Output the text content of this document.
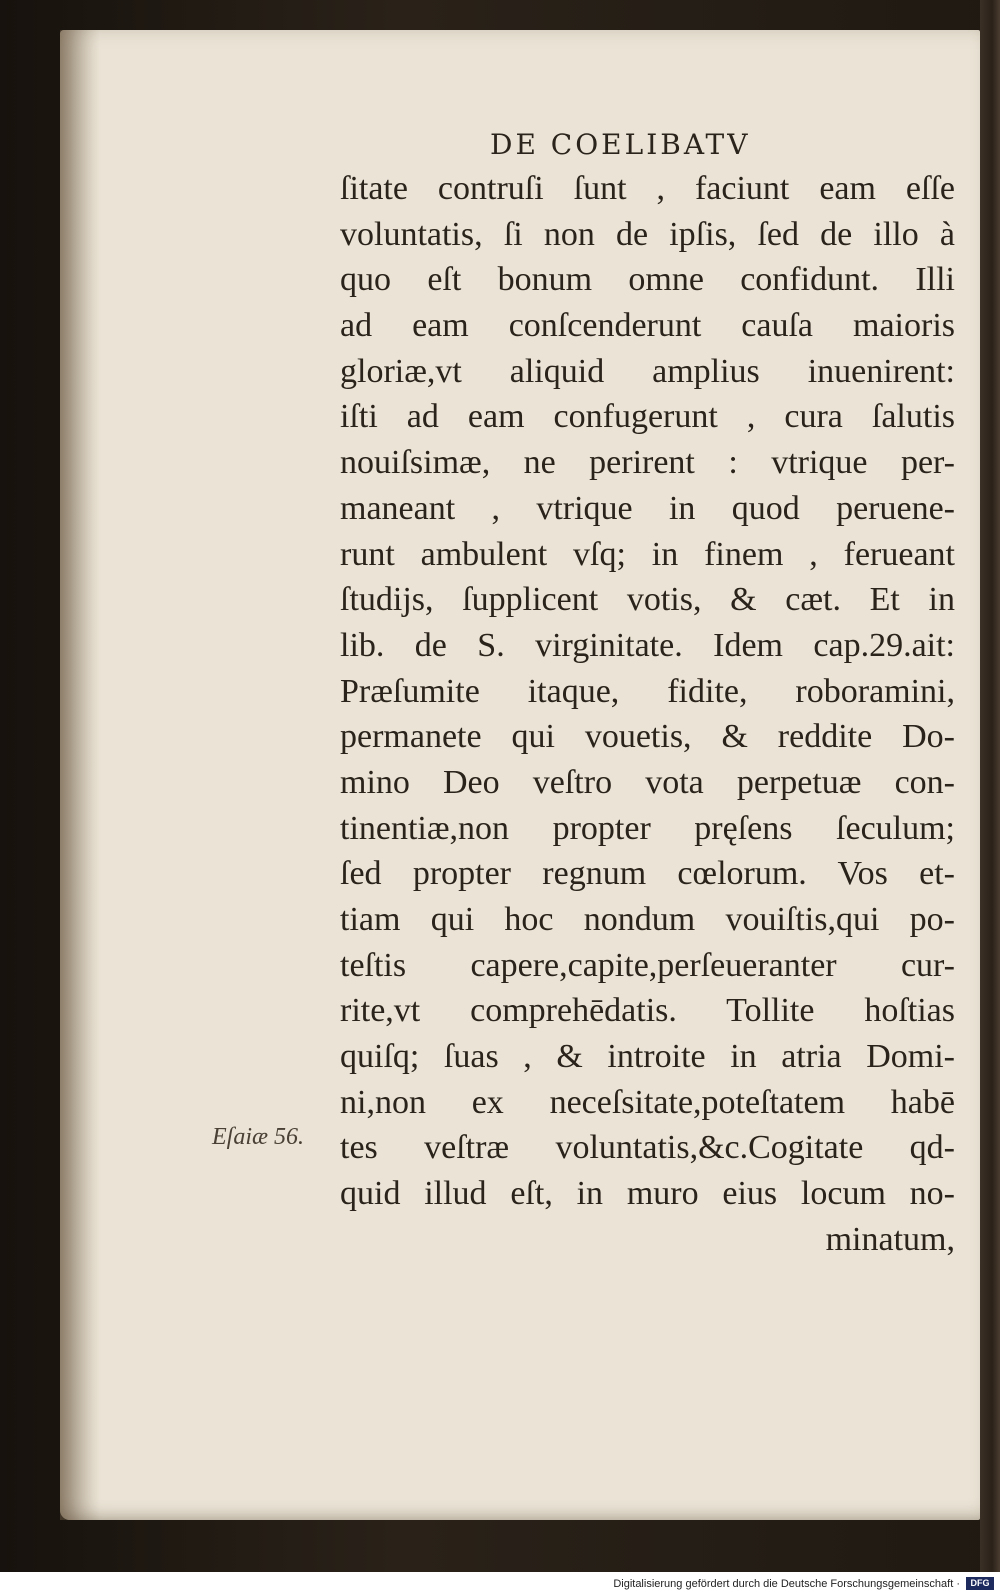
DE COELIBATV
ſitate contruſi ſunt , faciunt eam eſſe
voluntatis, ſi non de ipſis, ſed de illo à
quo eſt bonum omne confidunt. Illi
ad eam conſcenderunt cauſa maioris
gloriæ,vt aliquid amplius inuenirent:
iſti ad eam confugerunt , cura ſalutis
nouiſsimæ, ne perirent : vtrique per-
maneant , vtrique in quod peruene-
runt ambulent vſq; in finem , ferueant
ſtudijs, ſupplicent votis, & cæt. Et in
lib. de S. virginitate. Idem cap.29.ait:
Præſumite itaque, fidite, roboramini,
permanete qui vouetis, & reddite Do-
mino Deo veſtro vota perpetuæ con-
tinentiæ,non propter pręſens ſeculum;
ſed propter regnum cœlorum. Vos et-
tiam qui hoc nondum vouiſtis,qui po-
teſtis capere,capite,perſeueranter cur-
rite,vt comprehēdatis. Tollite hoſtias
quiſq; ſuas , & introite in atria Domi-
ni,non ex neceſsitate,poteſtatem habē
tes veſtræ voluntatis,&c.Cogitate qd-
quid illud eſt, in muro eius locum no-
minatum,
Eſaiæ 56.
Digitalisierung gefördert durch die Deutsche Forschungsgemeinschaft ·	DFG
